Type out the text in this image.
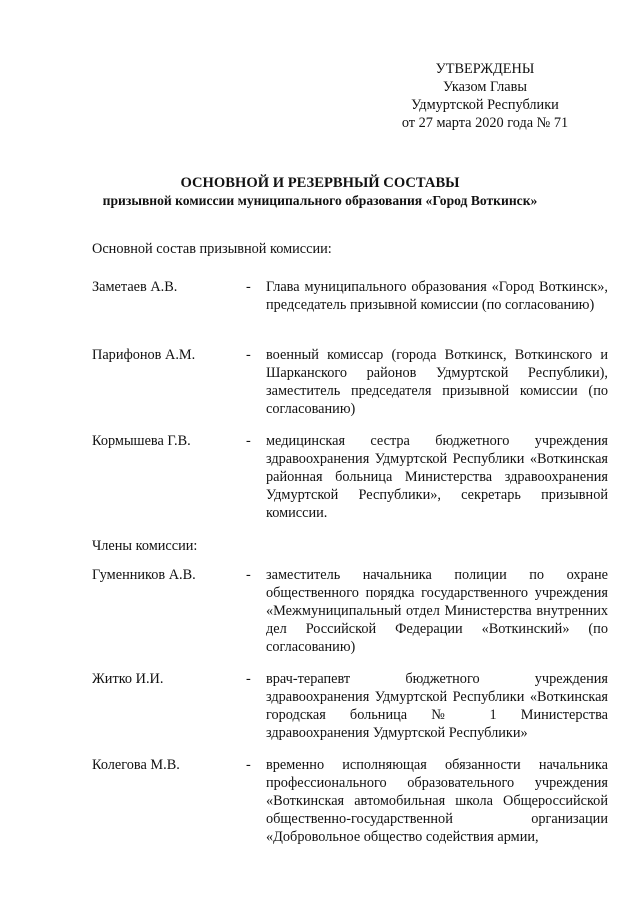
УТВЕРЖДЕНЫ
Указом Главы
Удмуртской Республики
от 27 марта 2020 года № 71
ОСНОВНОЙ И РЕЗЕРВНЫЙ СОСТАВЫ
призывной комиссии муниципального образования «Город Воткинск»
Основной состав призывной комиссии:
Заметаев А.В.	- Глава муниципального образования «Город Воткинск», председатель призывной комиссии (по согласованию)
Парифонов А.М.	- военный комиссар (города Воткинск, Воткинского и Шарканского районов Удмуртской Республики), заместитель председателя призывной комиссии (по согласованию)
Кормышева Г.В.	- медицинская сестра бюджетного учреждения здравоохранения Удмуртской Республики «Воткинская районная больница Министерства здравоохранения Удмуртской Республики», секретарь призывной комиссии.
Члены комиссии:
Гуменников А.В.	- заместитель начальника полиции по охране общественного порядка государственного учреждения «Межмуниципальный отдел Министерства внутренних дел Российской Федерации «Воткинский» (по согласованию)
Житко И.И.	- врач-терапевт бюджетного учреждения здравоохранения Удмуртской Республики «Воткинская городская больница № 1 Министерства здравоохранения Удмуртской Республики»
Колегова М.В.	- временно исполняющая обязанности начальника профессионального образовательного учреждения «Воткинская автомобильная школа Общероссийской общественно-государственной организации «Добровольное общество содействия армии,
